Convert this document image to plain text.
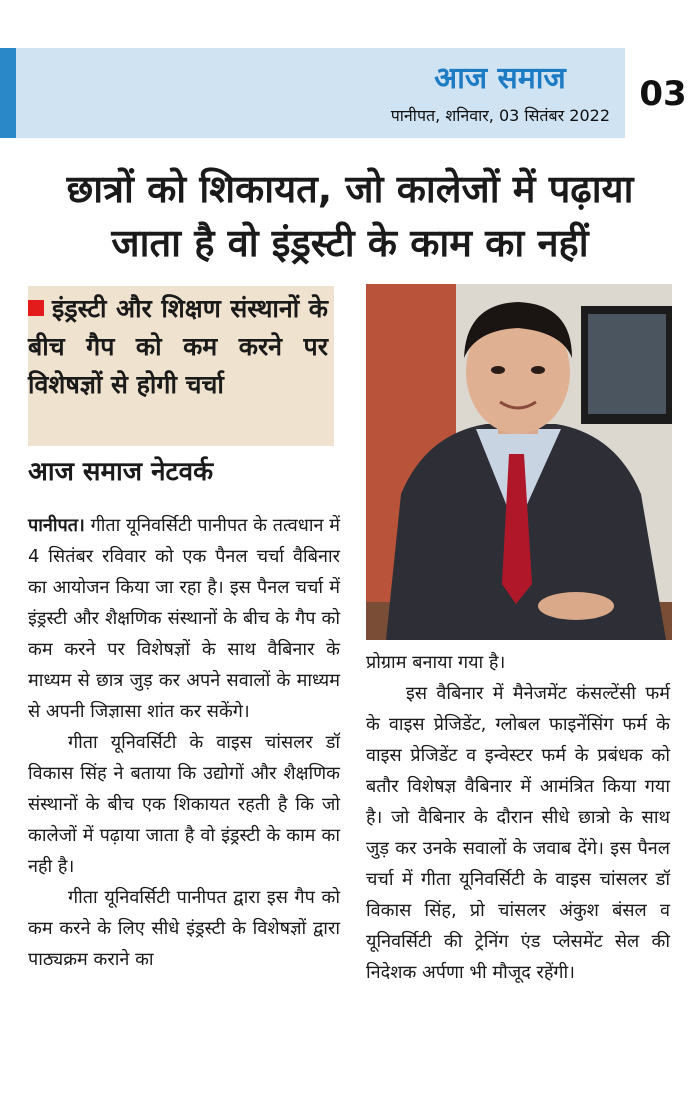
आज समाज
पानीपत, शनिवार, 03 सितंबर 2022
03
छात्रों को शिकायत, जो कालेजों में पढ़ाया
जाता है वो इंड्रस्टी के काम का नहीं
इंड्रस्टी और शिक्षण संस्थानों के बीच गैप को कम करने पर विशेषज्ञों से होगी चर्चा
आज समाज नेटवर्क

पानीपत। गीता यूनिवर्सिटी पानीपत के तत्वधान में 4 सितंबर रविवार को एक पैनल चर्चा वैबिनार का आयोजन किया जा रहा है। इस पैनल चर्चा में इंड्रस्टी और शैक्षणिक संस्थानों के बीच के गैप को कम करने पर विशेषज्ञों के साथ वैबिनार के माध्यम से छात्र जुड़ कर अपने सवालों के माध्यम से अपनी जिज्ञासा शांत कर सकेंगे।

गीता यूनिवर्सिटी के वाइस चांसलर डॉ विकास सिंह ने बताया कि उद्योगों और शैक्षणिक संस्थानों के बीच एक शिकायत रहती है कि जो कालेजों में पढ़ाया जाता है वो इंड्रस्टी के काम का नही है।

गीता यूनिवर्सिटी पानीपत द्वारा इस गैप को कम करने के लिए सीधे इंड्रस्टी के विशेषज्ञों द्वारा पाठ्यक्रम कराने का

प्रोग्राम बनाया गया है।

इस वैबिनार में मैनेजमेंट कंसल्टेंसी फर्म के वाइस प्रेजिडेंट, ग्लोबल फाइनेंसिंग फर्म के वाइस प्रेजिडेंट व इन्वेस्टर फर्म के प्रबंधक को बतौर विशेषज्ञ वैबिनार में आमंत्रित किया गया है। जो वैबिनार के दौरान सीधे छात्रो के साथ जुड़ कर उनके सवालों के जवाब देंगे। इस पैनल चर्चा में गीता यूनिवर्सिटी के वाइस चांसलर डॉ विकास सिंह, प्रो चांसलर अंकुश बंसल व यूनिवर्सिटी की ट्रेनिंग एंड प्लेसमेंट सेल की निदेशक अर्पणा भी मौजूद रहेंगी।
